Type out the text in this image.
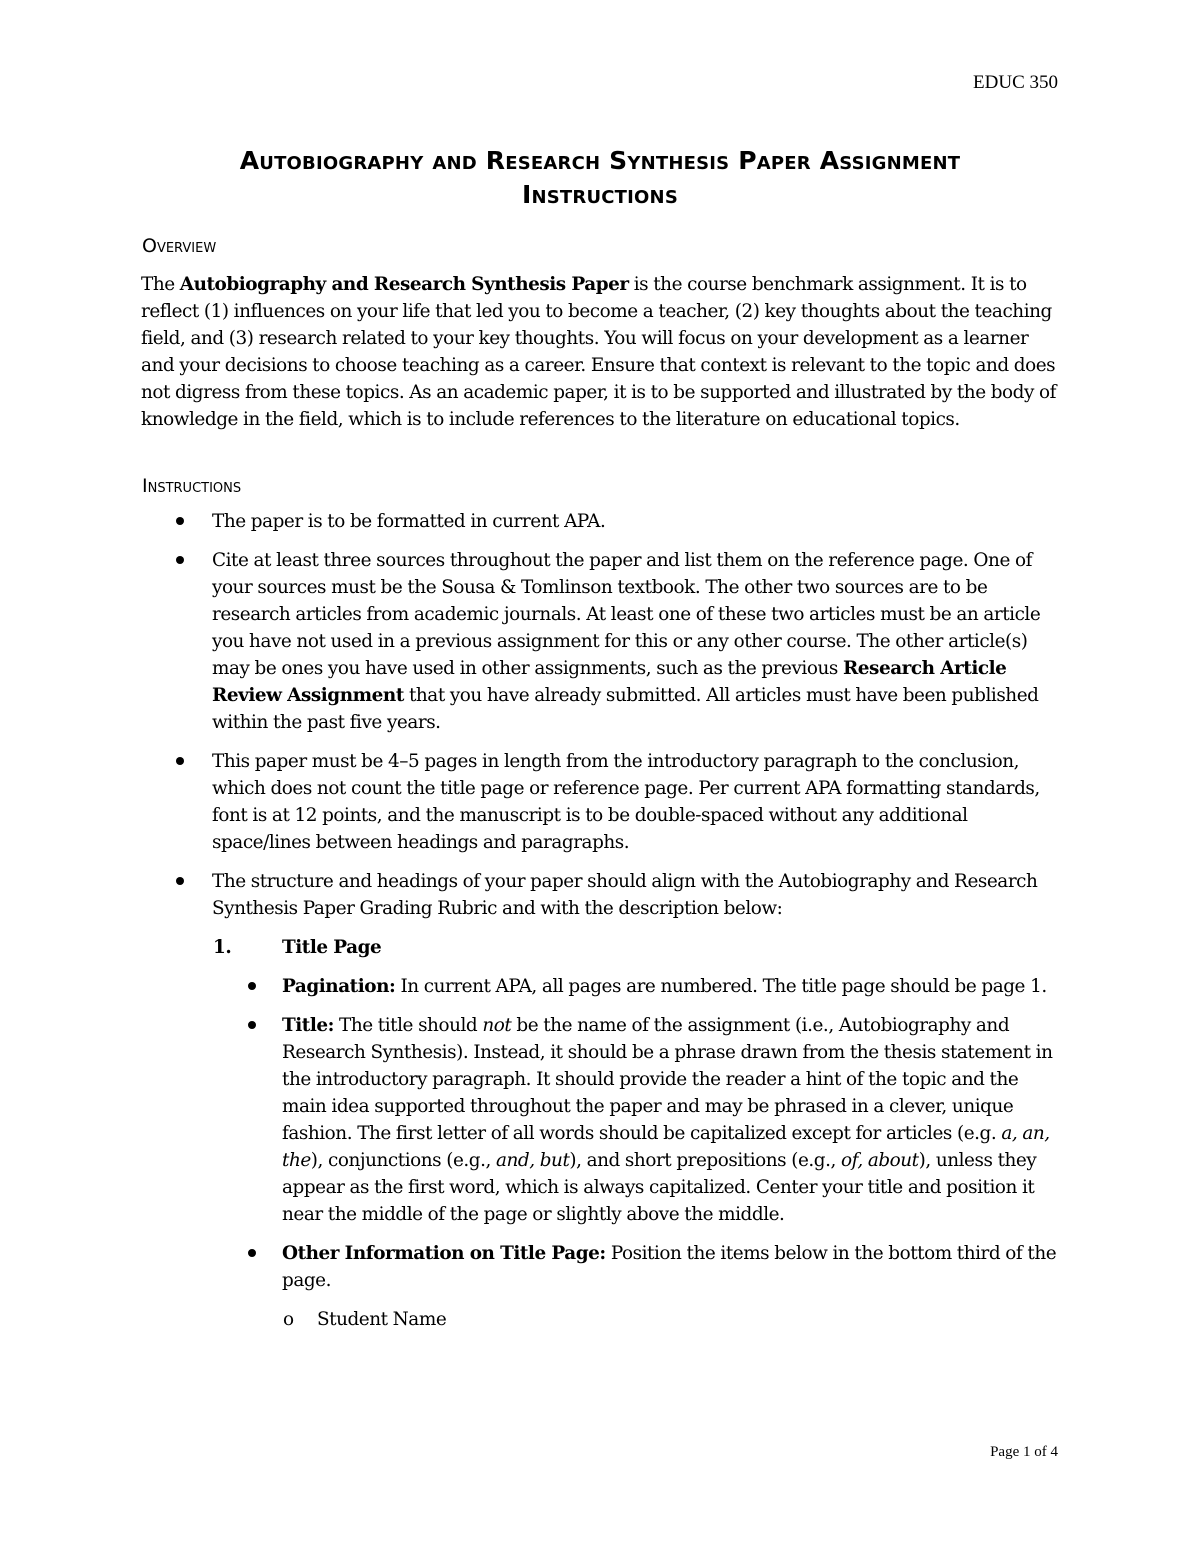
EDUC 350
Autobiography and Research Synthesis Paper Assignment
Instructions
Overview
The Autobiography and Research Synthesis Paper is the course benchmark assignment. It is to reflect (1) influences on your life that led you to become a teacher, (2) key thoughts about the teaching field, and (3) research related to your key thoughts. You will focus on your development as a learner and your decisions to choose teaching as a career. Ensure that context is relevant to the topic and does not digress from these topics. As an academic paper, it is to be supported and illustrated by the body of knowledge in the field, which is to include references to the literature on educational topics.
Instructions
The paper is to be formatted in current APA.
Cite at least three sources throughout the paper and list them on the reference page. One of your sources must be the Sousa & Tomlinson textbook. The other two sources are to be research articles from academic journals. At least one of these two articles must be an article you have not used in a previous assignment for this or any other course. The other article(s) may be ones you have used in other assignments, such as the previous Research Article Review Assignment that you have already submitted. All articles must have been published within the past five years.
This paper must be 4–5 pages in length from the introductory paragraph to the conclusion, which does not count the title page or reference page. Per current APA formatting standards, font is at 12 points, and the manuscript is to be double-spaced without any additional space/lines between headings and paragraphs.
The structure and headings of your paper should align with the Autobiography and Research Synthesis Paper Grading Rubric and with the description below:
1.	Title Page
Pagination: In current APA, all pages are numbered. The title page should be page 1.
Title: The title should not be the name of the assignment (i.e., Autobiography and Research Synthesis). Instead, it should be a phrase drawn from the thesis statement in the introductory paragraph. It should provide the reader a hint of the topic and the main idea supported throughout the paper and may be phrased in a clever, unique fashion. The first letter of all words should be capitalized except for articles (e.g. a, an, the), conjunctions (e.g., and, but), and short prepositions (e.g., of, about), unless they appear as the first word, which is always capitalized. Center your title and position it near the middle of the page or slightly above the middle.
Other Information on Title Page: Position the items below in the bottom third of the page.
o Student Name
Page 1 of 4
